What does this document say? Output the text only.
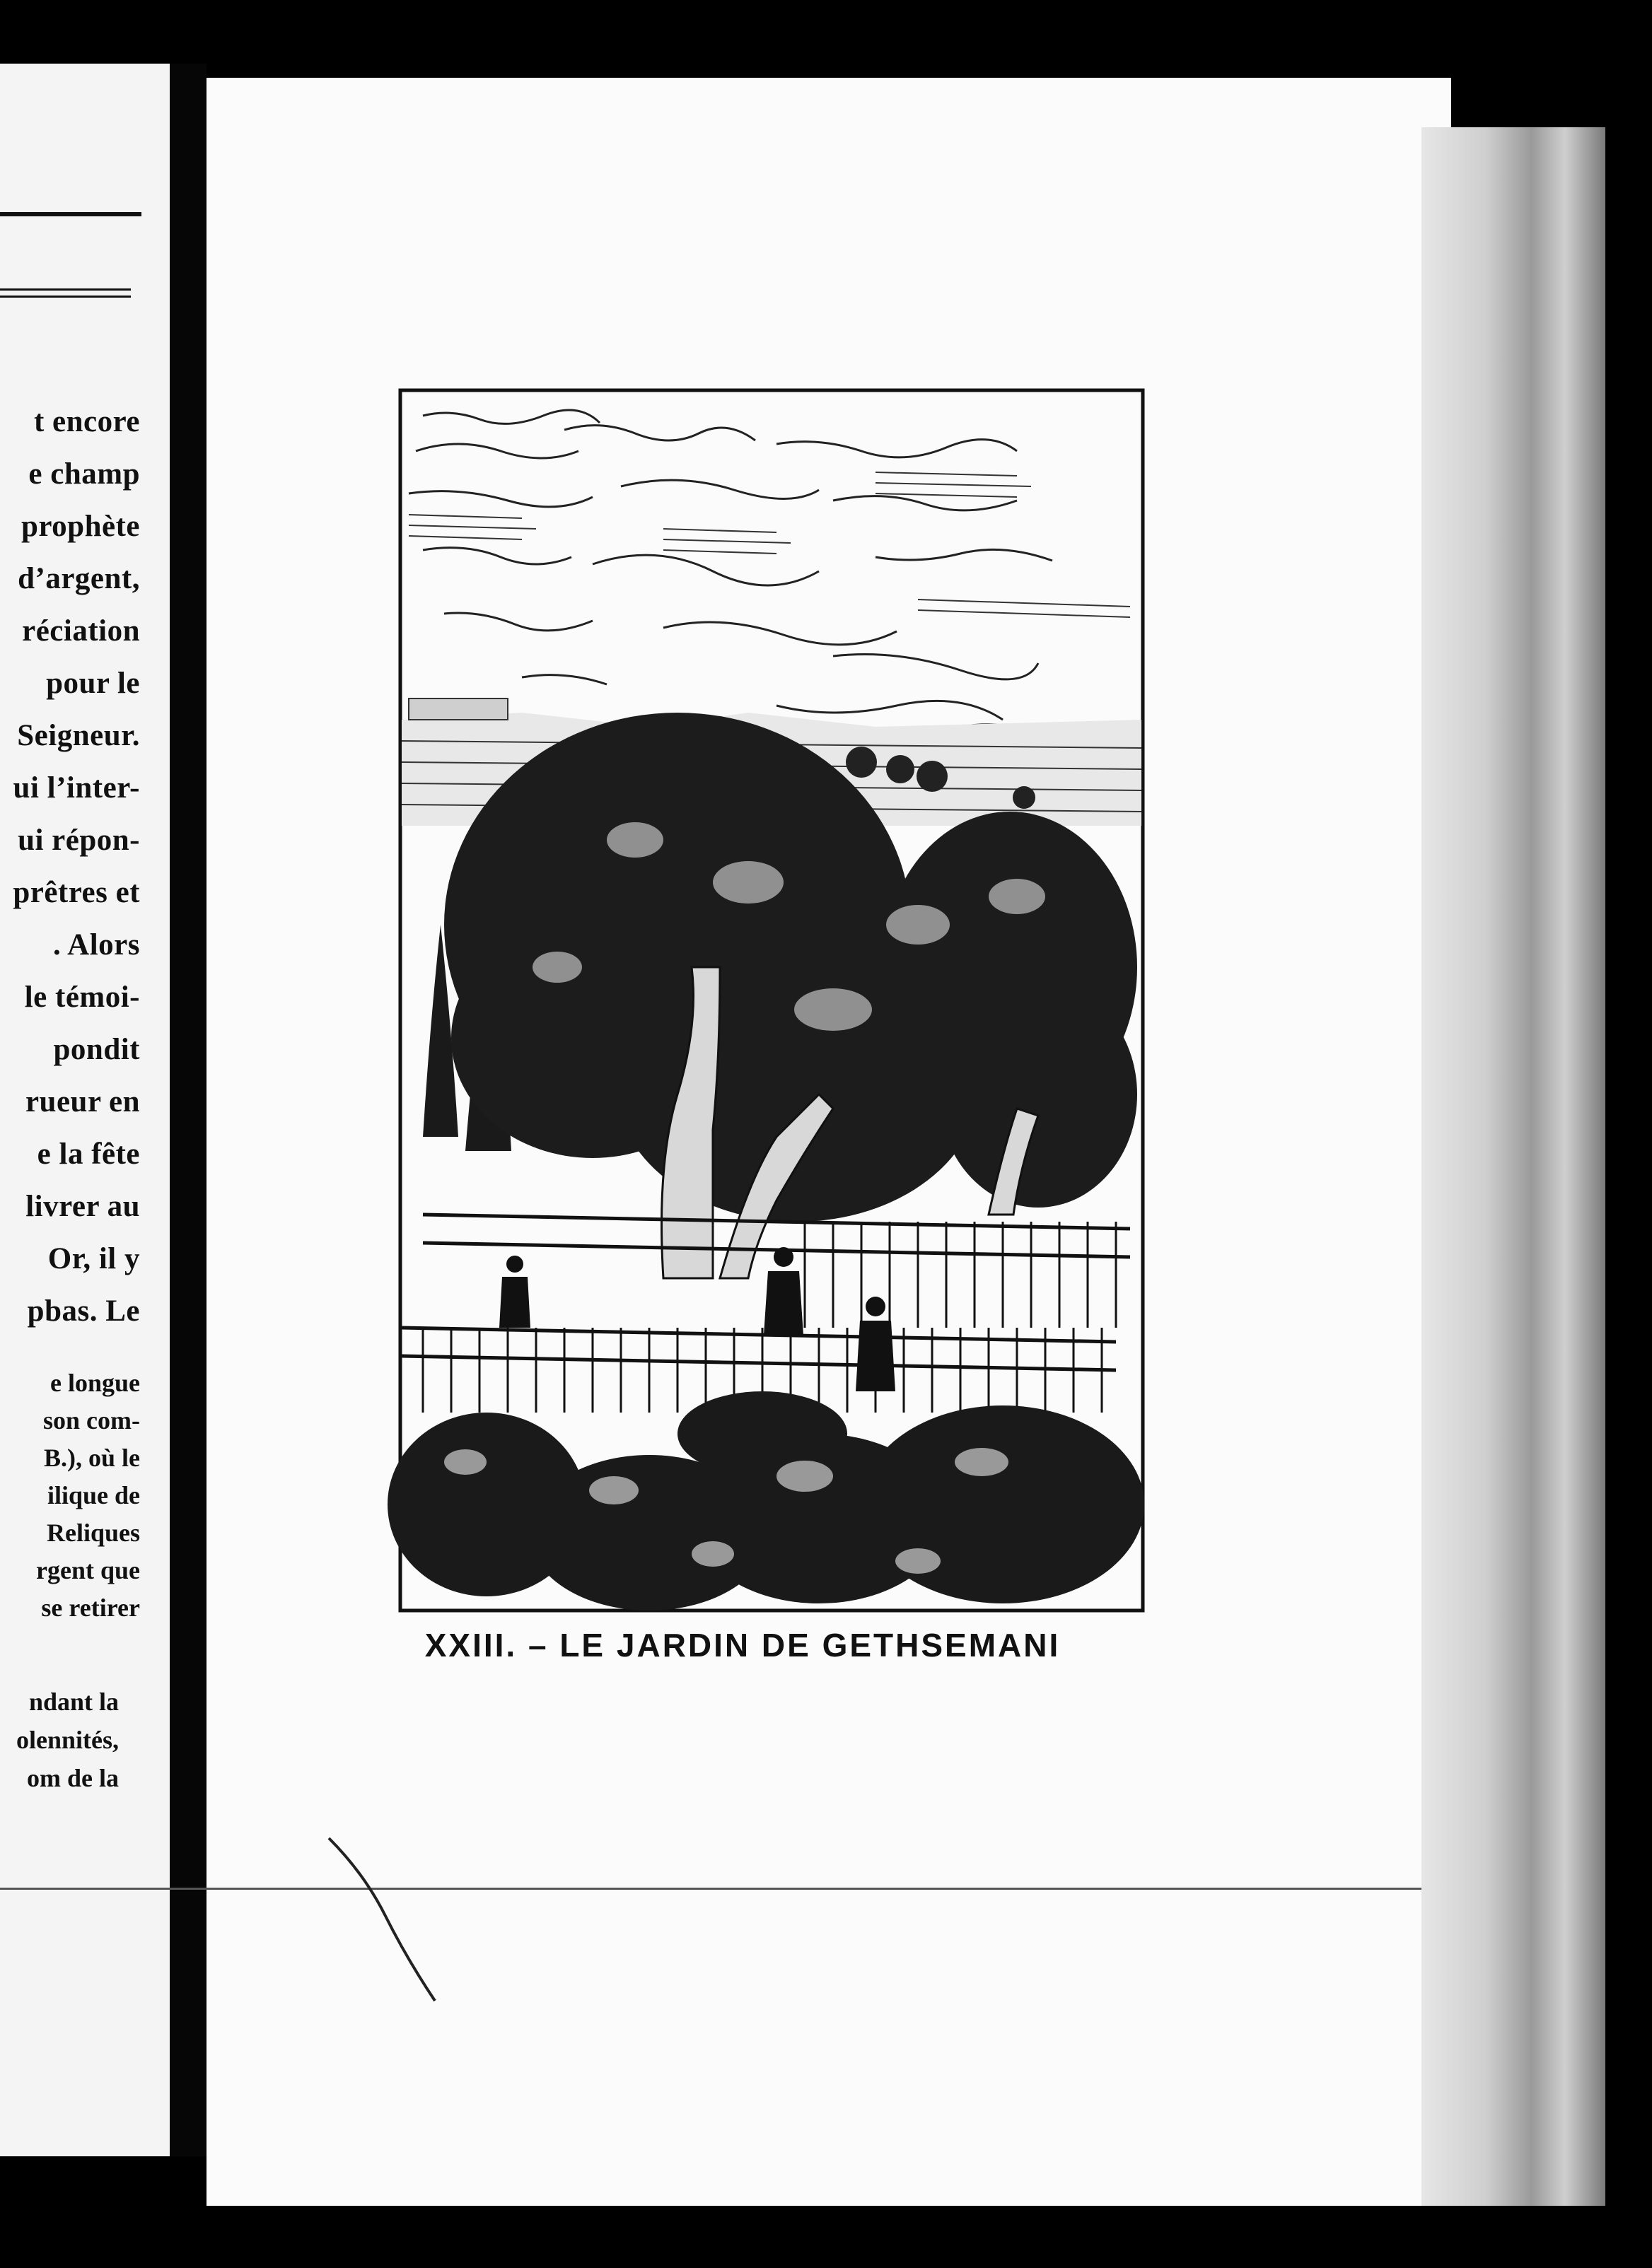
t encore
e champ
prophète
d’argent,
réciation
pour le
Seigneur.
ui l’inter-
ui répon-
prêtres et
. Alors
le témoi-
pondit
rueur en
e la fête
livrer au
Or, il y
pbas. Le
e longue
son com-
B.), où le
ilique de
Reliques
rgent que
se retirer
ndant la
olennités,
om de la
XXIII. – LE JARDIN DE GETHSEMANI
